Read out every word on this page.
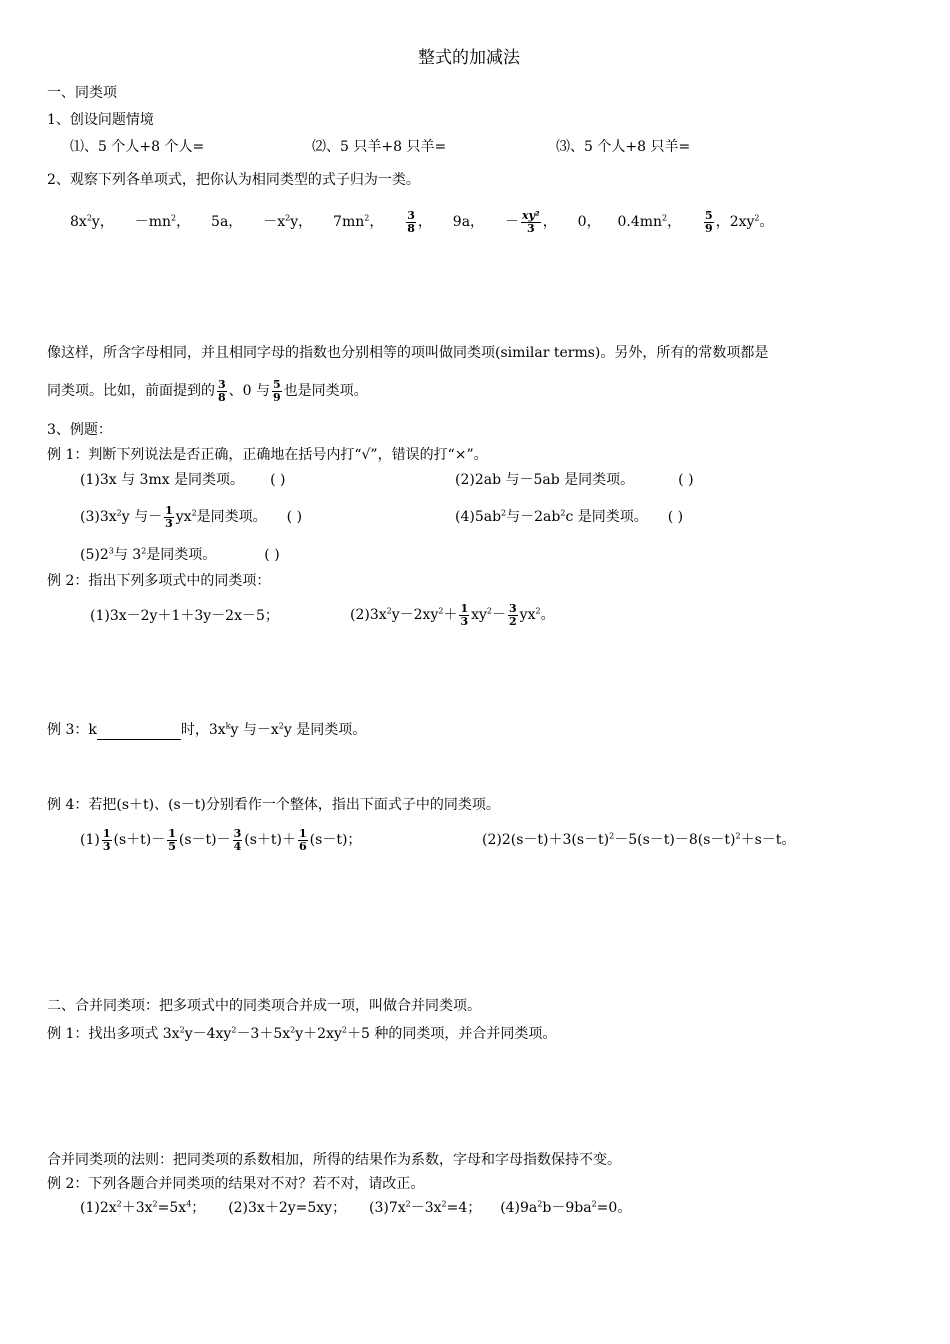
整式的加减法
一、同类项
1、创设问题情境
⑴、5 个人+8 个人=	⑵、5 只羊+8 只羊=	⑶、5 个人+8 只羊=
2、观察下列各单项式，把你认为相同类型的式子归为一类。
$8x^2y$， $-mn^2$， 5a， $-x^2y$， $7mn^2$， $\frac{3}{8}$ ， 9a， － $\frac{\text{xy²}}{3}$ ， 0， $0.4mn^2$， $\frac{5}{9}$ ，$2xy^2$。
像这样，所含字母相同，并且相同字母的指数也分别相等的项叫做同类项(similar terms)。另外，所有的常数项都是
同类项。比如，前面提到的 $\frac{3}{8}$ 、0 与 $\frac{5}{9}$ 也是同类项。
3、例题：
例 1：判断下列说法是否正确，正确地在括号内打“√”，错误的打“×”。
(1)3x 与 3mx 是同类项。 ( )	(2)2ab 与－5ab 是同类项。	( )
$(3)3x^2y$ 与－ $\frac{1}{3} yx^2$是同类项。 ( )	$(4)5ab^2$与$-2ab^2c$ 是同类项。 ( )
$(5)2^3$与 $3^2$是同类项。	( )
例 2：指出下列多项式中的同类项：
(1)3x－2y＋1＋3y－2x－5；	$(2)3x^2y-2xy^2+ \frac{1}{3} xy^2- \frac{3}{2} yx^2$。
例 3：k	时，$3x^ky$ 与$-x^2y$ 是同类项。
例 4：若把(s＋t)、(s－t)分别看作一个整体，指出下面式子中的同类项。
$(1) \frac{1}{3} (s+t)- \frac{1}{5} (s-t)- \frac{3}{4} (s+t)+ \frac{1}{6} (s-t)$；	$(2)2(s-t)+3(s-t)^2-5(s-t)-8(s-t)^2+s-t$。
二、合并同类项：把多项式中的同类项合并成一项，叫做合并同类项。
例 1：找出多项式 $3x^2y-4xy^2-3+5x^2y+2xy^2+5$ 种的同类项，并合并同类项。
合并同类项的法则：把同类项的系数相加，所得的结果作为系数，字母和字母指数保持不变。
例 2：下列各题合并同类项的结果对不对？若不对，请改正。
$(1)2x^2+3x^2=5x^4$； (2)3x＋2y=5xy； $(3)7x^2-3x^2=4$； $(4)9a^2b-9ba^2=0$。
